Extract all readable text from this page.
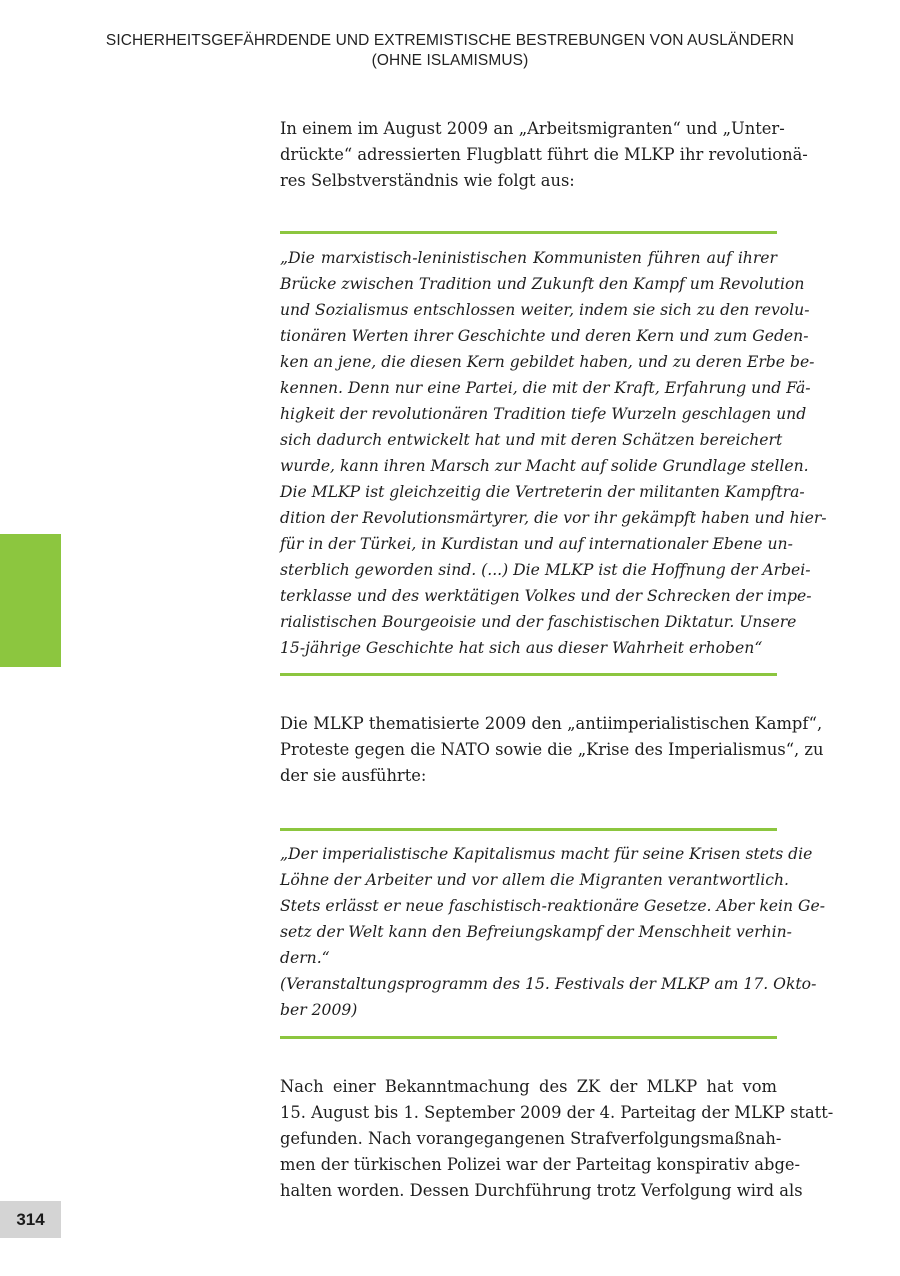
SICHERHEITSGEFÄHRDENDE UND EXTREMISTISCHE BESTREBUNGEN VON AUSLÄNDERN
(OHNE ISLAMISMUS)
314

In einem im August 2009 an „Arbeitsmigranten“ und „Unter-
drückte“ adressierten Flugblatt führt die MLKP ihr revolutionä-
res Selbstverständnis wie folgt aus:

„Die marxistisch-leninistischen Kommunisten führen auf ihrer
Brücke zwischen Tradition und Zukunft den Kampf um Revolution
und Sozialismus entschlossen weiter, indem sie sich zu den revolu-
tionären Werten ihrer Geschichte und deren Kern und zum Geden-
ken an jene, die diesen Kern gebildet haben, und zu deren Erbe be-
kennen. Denn nur eine Partei, die mit der Kraft, Erfahrung und Fä-
higkeit der revolutionären Tradition tiefe Wurzeln geschlagen und
sich dadurch entwickelt hat und mit deren Schätzen bereichert
wurde, kann ihren Marsch zur Macht auf solide Grundlage stellen.
Die MLKP ist gleichzeitig die Vertreterin der militanten Kampftra-
dition der Revolutionsmärtyrer, die vor ihr gekämpft haben und hier-
für in der Türkei, in Kurdistan und auf internationaler Ebene un-
sterblich geworden sind. (...) Die MLKP ist die Hoffnung der Arbei-
terklasse und des werktätigen Volkes und der Schrecken der impe-
rialistischen Bourgeoisie und der faschistischen Diktatur. Unsere
15-jährige Geschichte hat sich aus dieser Wahrheit erhoben“

Die MLKP thematisierte 2009 den „antiimperialistischen Kampf“,
Proteste gegen die NATO sowie die „Krise des Imperialismus“, zu
der sie ausführte:

„Der imperialistische Kapitalismus macht für seine Krisen stets die
Löhne der Arbeiter und vor allem die Migranten verantwortlich.
Stets erlässt er neue faschistisch-reaktionäre Gesetze. Aber kein Ge-
setz der Welt kann den Befreiungskampf der Menschheit verhin-
dern.“
(Veranstaltungsprogramm des 15. Festivals der MLKP am 17. Okto-
ber 2009)

Nach einer Bekanntmachung des ZK der MLKP hat vom
15. August bis 1. September 2009 der 4. Parteitag der MLKP statt-
gefunden. Nach vorangegangenen Strafverfolgungsmaßnah-
men der türkischen Polizei war der Parteitag konspirativ abge-
halten worden. Dessen Durchführung trotz Verfolgung wird als
